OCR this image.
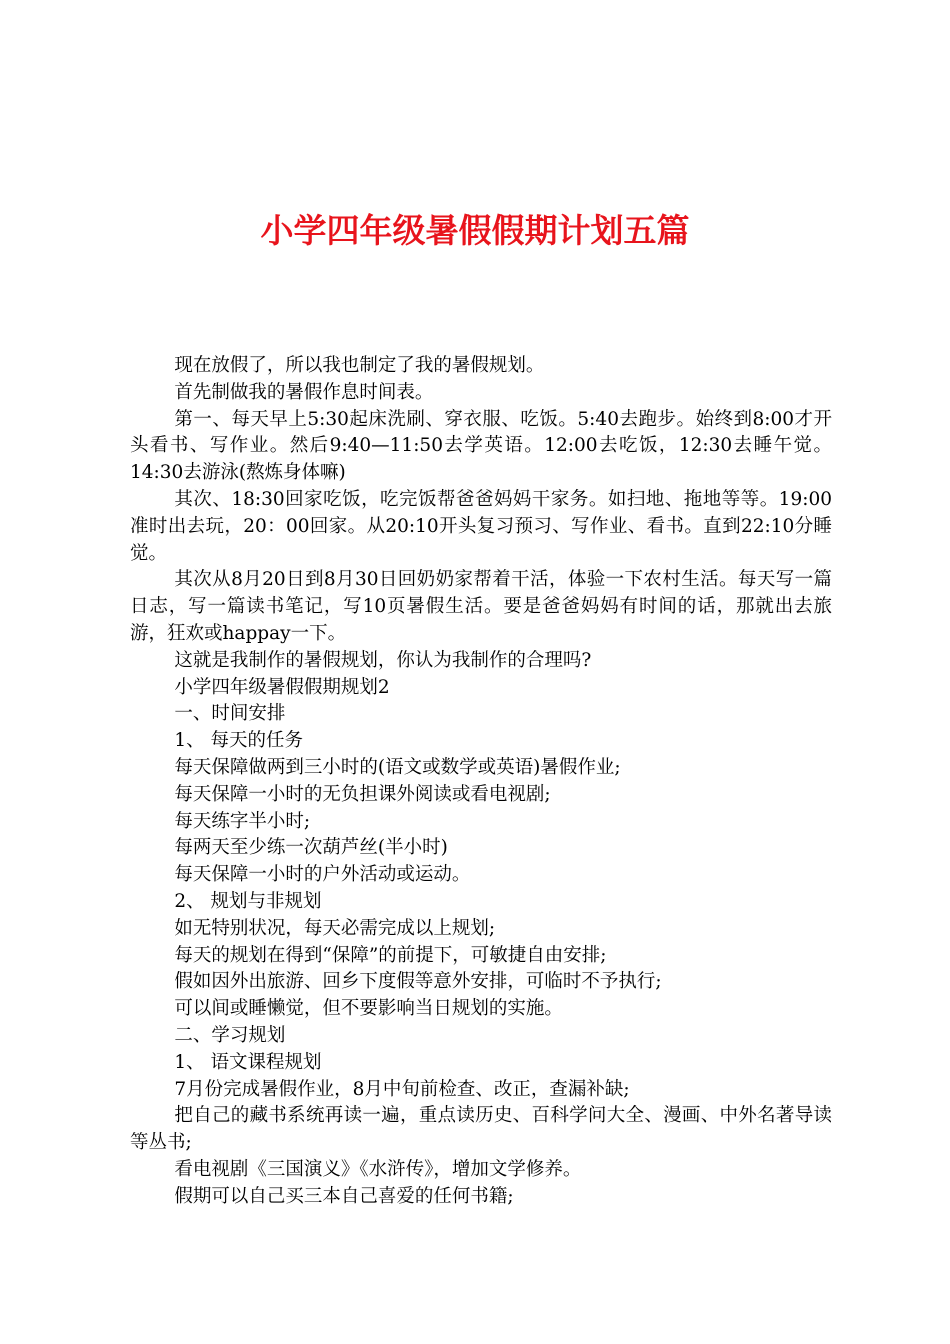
小学四年级暑假假期计划五篇

现在放假了，所以我也制定了我的暑假规划。

首先制做我的暑假作息时间表。

第一、每天早上5:30起床洗刷、穿衣服、吃饭。5:40去跑步。始终到8:00才开头看书、写作业。然后9:40—11:50去学英语。12:00去吃饭，12:30去睡午觉。14:30去游泳(熬炼身体嘛)

其次、18:30回家吃饭，吃完饭帮爸爸妈妈干家务。如扫地、拖地等等。19:00准时出去玩，20：00回家。从20:10开头复习预习、写作业、看书。直到22:10分睡觉。

其次从8月20日到8月30日回奶奶家帮着干活，体验一下农村生活。每天写一篇日志，写一篇读书笔记，写10页暑假生活。要是爸爸妈妈有时间的话，那就出去旅游，狂欢或happay一下。

这就是我制作的暑假规划，你认为我制作的合理吗?

小学四年级暑假假期规划2

一、时间安排

1、 每天的任务

每天保障做两到三小时的(语文或数学或英语)暑假作业;

每天保障一小时的无负担课外阅读或看电视剧;

每天练字半小时;

每两天至少练一次葫芦丝(半小时)

每天保障一小时的户外活动或运动。

2、 规划与非规划

如无特别状况，每天必需完成以上规划;

每天的规划在得到“保障”的前提下，可敏捷自由安排;

假如因外出旅游、回乡下度假等意外安排，可临时不予执行;

可以间或睡懒觉，但不要影响当日规划的实施。

二、学习规划

1、 语文课程规划

7月份完成暑假作业，8月中旬前检查、改正，查漏补缺;

把自己的藏书系统再读一遍，重点读历史、百科学问大全、漫画、中外名著导读等丛书;

看电视剧《三国演义》《水浒传》，增加文学修养。

假期可以自己买三本自己喜爱的任何书籍;
